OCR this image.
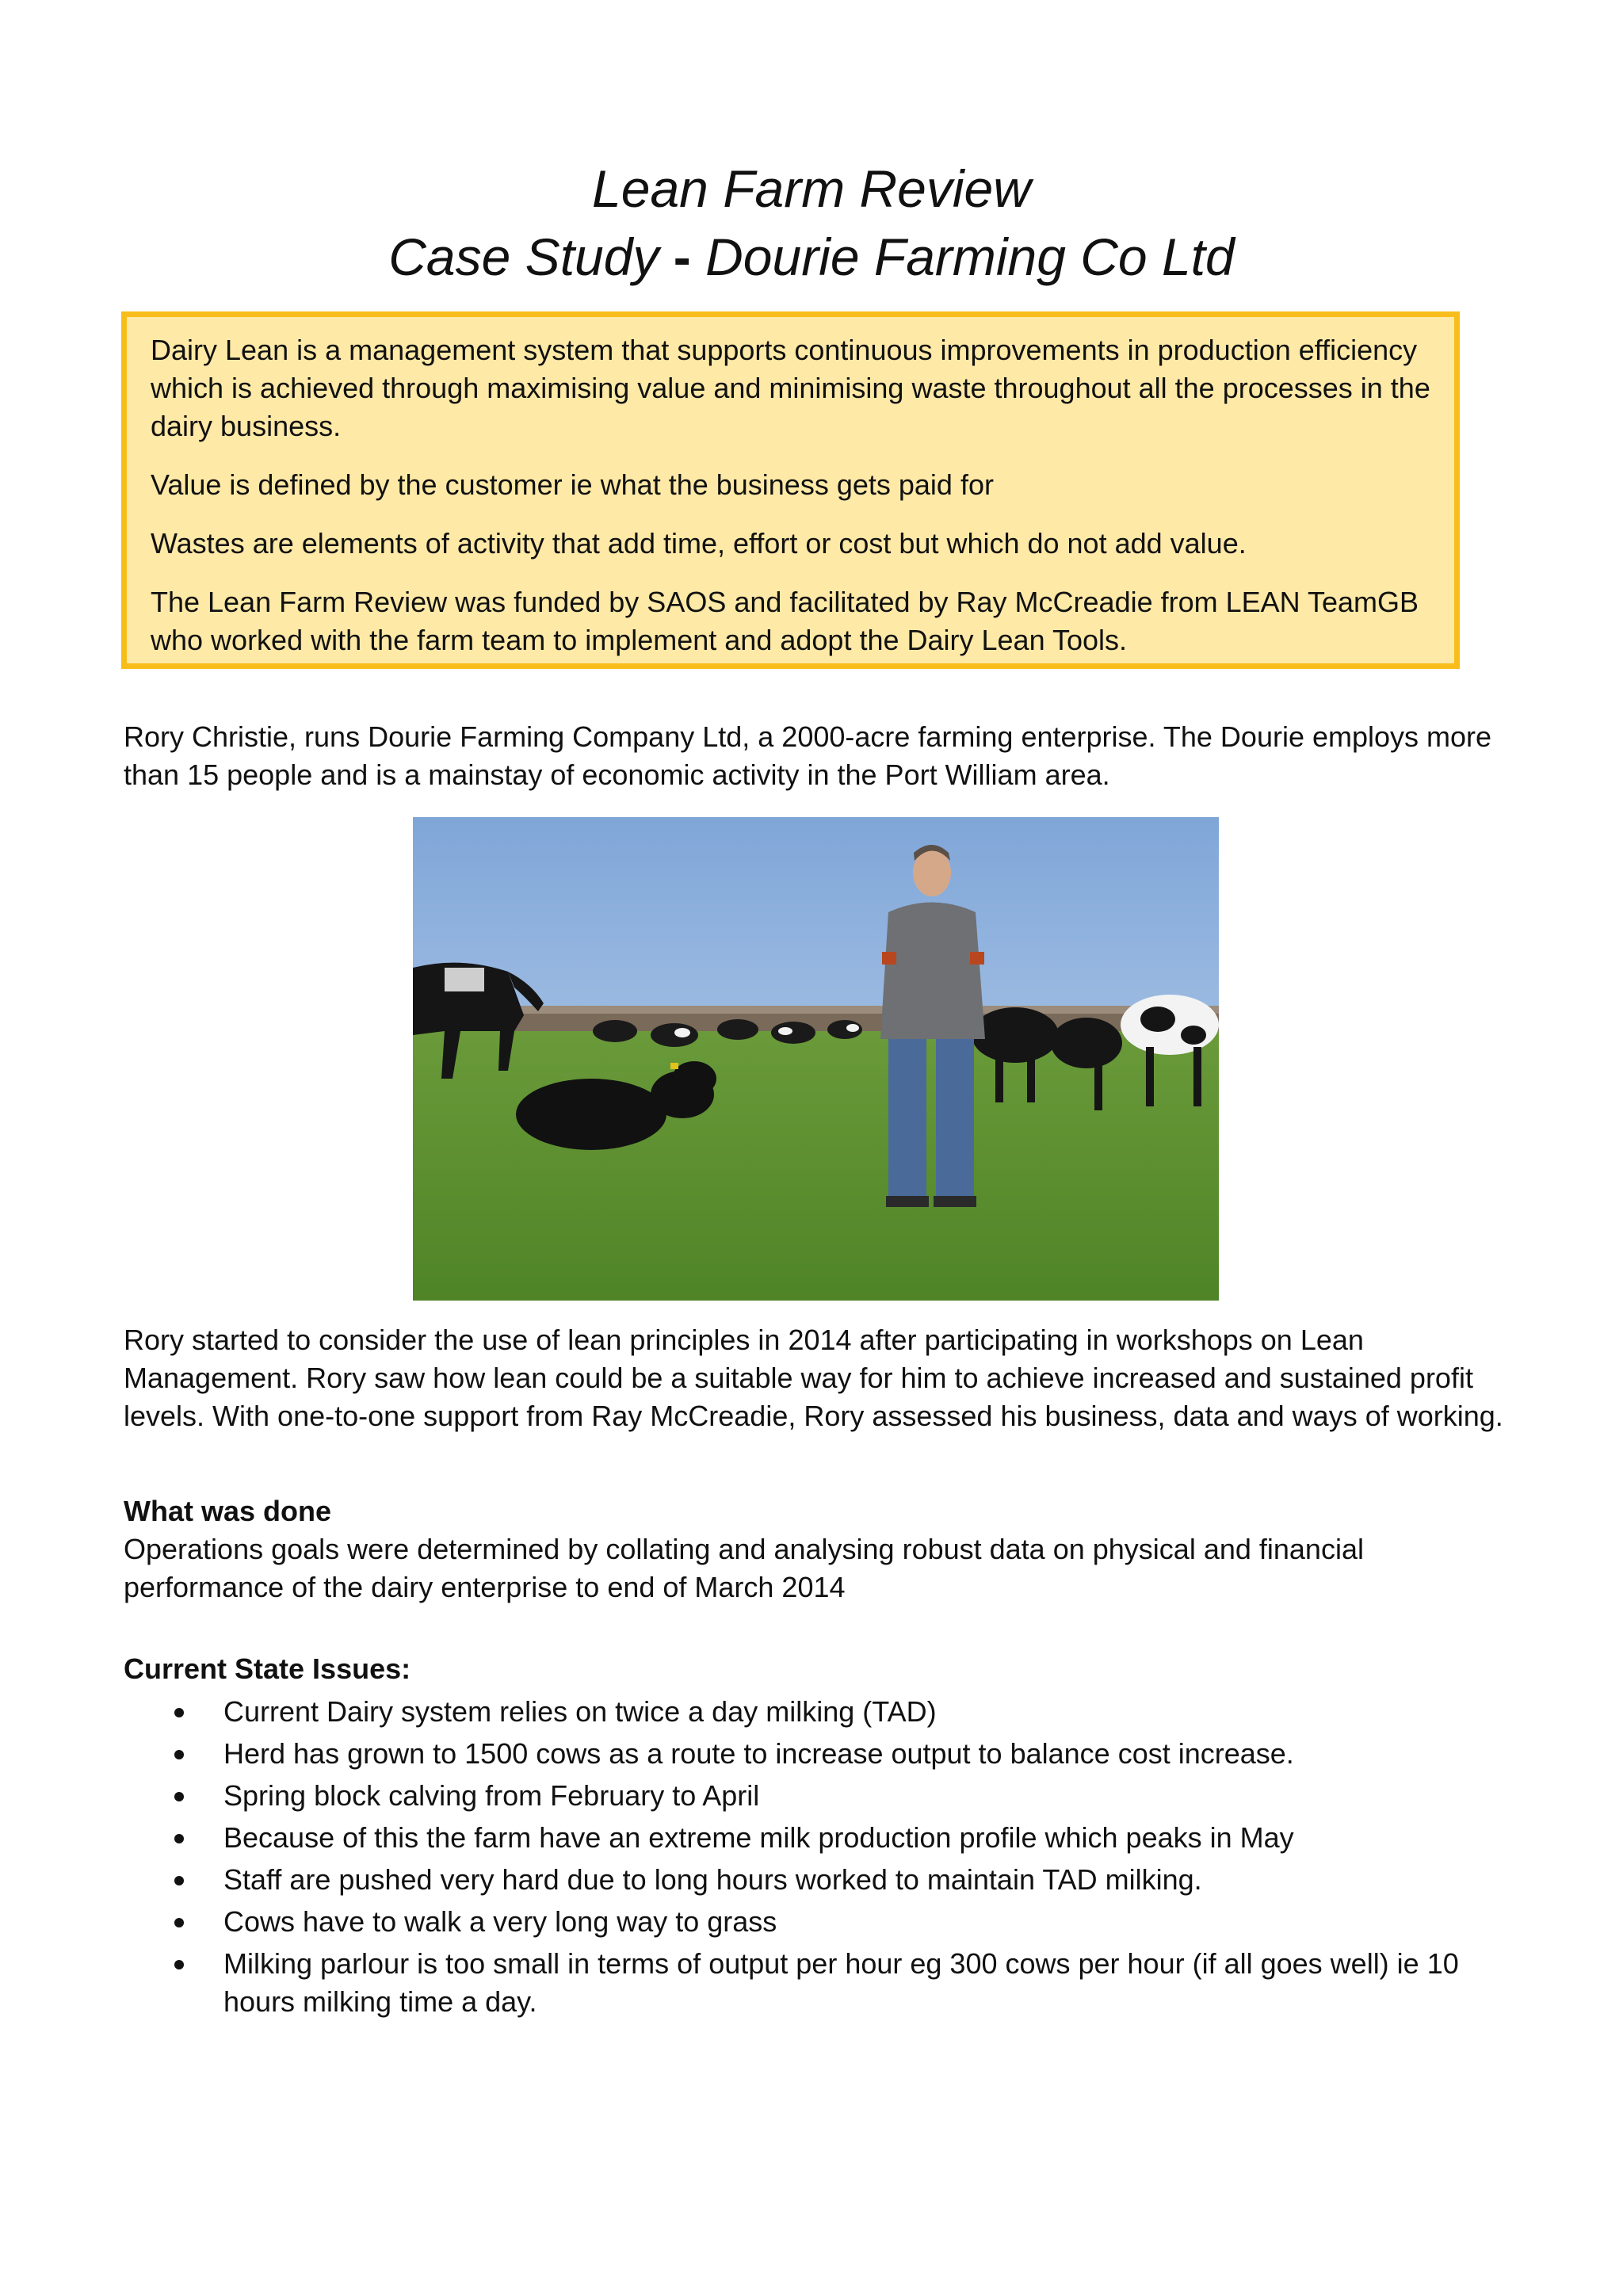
Lean Farm Review
Case Study - Dourie Farming Co Ltd

Dairy Lean is a management system that supports continuous improvements in production efficiency which is achieved through maximising value and minimising waste throughout all the processes in the dairy business.

Value is defined by the customer ie what the business gets paid for

Wastes are elements of activity that add time, effort or cost but which do not add value.

The Lean Farm Review was funded by SAOS and facilitated by Ray McCreadie from LEAN TeamGB who worked with the farm team to implement and adopt the Dairy Lean Tools.

Rory Christie, runs Dourie Farming Company Ltd, a 2000-acre farming enterprise. The Dourie employs more than 15 people and is a mainstay of economic activity in the Port William area.

Rory started to consider the use of lean principles in 2014 after participating in workshops on Lean Management. Rory saw how lean could be a suitable way for him to achieve increased and sustained profit levels. With one-to-one support from Ray McCreadie, Rory assessed his business, data and ways of working.

What was done

Operations goals were determined by collating and analysing robust data on physical and financial performance of the dairy enterprise to end of March 2014

Current State Issues:
Current Dairy system relies on twice a day milking (TAD)
Herd has grown to 1500 cows as a route to increase output to balance cost increase.
Spring block calving from February to April
Because of this the farm have an extreme milk production profile which peaks in May
Staff are pushed very hard due to long hours worked to maintain TAD milking.
Cows have to walk a very long way to grass
Milking parlour is too small in terms of output per hour eg 300 cows per hour (if all goes well) ie 10 hours milking time a day.
